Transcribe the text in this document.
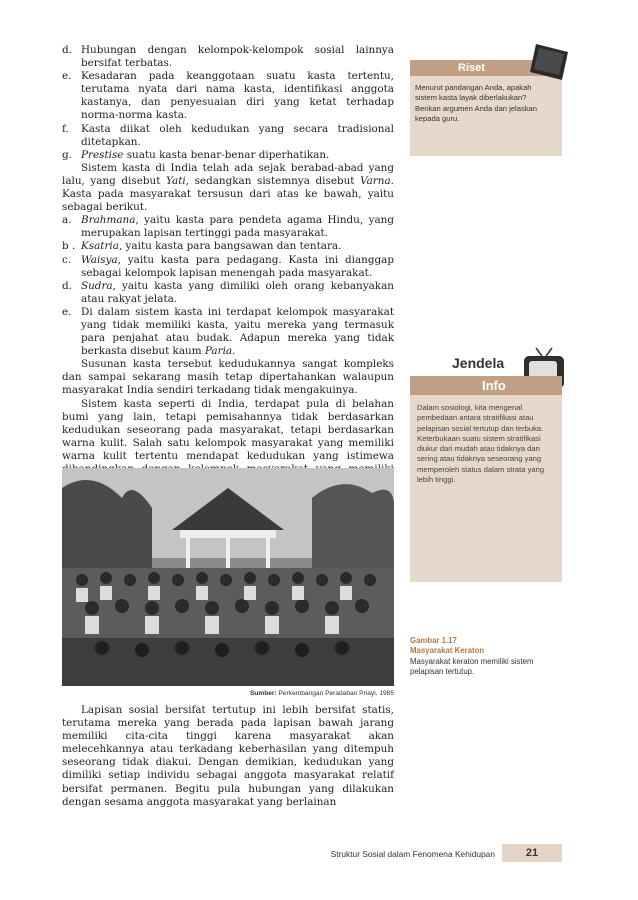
d. Hubungan dengan kelompok-kelompok sosial lainnya bersifat terbatas.
e. Kesadaran pada keanggotaan suatu kasta tertentu, terutama nyata dari nama kasta, identifikasi anggota kastanya, dan penyesuaian diri yang ketat terhadap norma-norma kasta.
f.	Kasta diikat oleh kedudukan yang secara tradisional ditetapkan.
g. Prestise suatu kasta benar-benar diperhatikan.
Sistem kasta di India telah ada sejak berabad-abad yang lalu, yang disebut Yati, sedangkan sistemnya disebut Varna. Kasta pada masyarakat tersusun dari atas ke bawah, yaitu sebagai berikut.
a. Brahmana, yaitu kasta para pendeta agama Hindu, yang merupakan lapisan tertinggi pada masyarakat.
b . Ksatria, yaitu kasta para bangsawan dan tentara.
c. Waisya, yaitu kasta para pedagang. Kasta ini dianggap sebagai kelompok lapisan menengah pada masyarakat.
d. Sudra, yaitu kasta yang dimiliki oleh orang kebanyakan atau rakyat jelata.
e. Di dalam sistem kasta ini terdapat kelompok masyarakat yang tidak memiliki kasta, yaitu mereka yang termasuk para penjahat atau budak. Adapun mereka yang tidak berkasta disebut kaum Paria.
Susunan kasta tersebut kedudukannya sangat kompleks dan sampai sekarang masih tetap dipertahankan walaupun masyarakat India sendiri terkadang tidak mengakuinya.
Sistem kasta seperti di India, terdapat pula di belahan bumi yang lain, tetapi pemisahannya tidak berdasarkan kedudukan seseorang pada masyarakat, tetapi berdasarkan warna kulit. Salah satu kelompok masyarakat yang memiliki warna kulit tertentu mendapat kedudukan yang istimewa
Sumber: Perkembangan Peradaban Priayi, 1985
Lapisan sosial bersifat tertutup ini lebih bersifat statis, terutama mereka yang berada pada lapisan bawah jarang memiliki cita-cita tinggi karena masyarakat akan melecehkannya atau terkadang keberhasilan yang ditempuh seseorang tidak diakui. Dengan demikian, kedudukan yang dimiliki setiap individu sebagai anggota masyarakat relatif bersifat permanen. Begitu pula hubungan yang dilakukan dengan sesama anggota masyarakat yang berlainan
Riset
Menurut pandangan Anda, apakah sistem kasta layak diberlakukan? Berikan argumen Anda dan jelaskan kepada guru.
Jendela
Info
Dalam sosiologi, kita mengenal pembedaan antara stratifikasi atau pelapisan sosial tertutup dan terbuka. Keterbukaan suatu sistem stratifikasi diukur dari mudah atau tidaknya dan sering atau tidaknya seseorang yang memperoleh status dalam strata yang lebih tinggi.
Gambar 1.17
Masyarakat Keraton
Masyarakat keraton memiliki sistem pelapisan tertutup.
Struktur Sosial dalam Fenomena Kehidupan	21
